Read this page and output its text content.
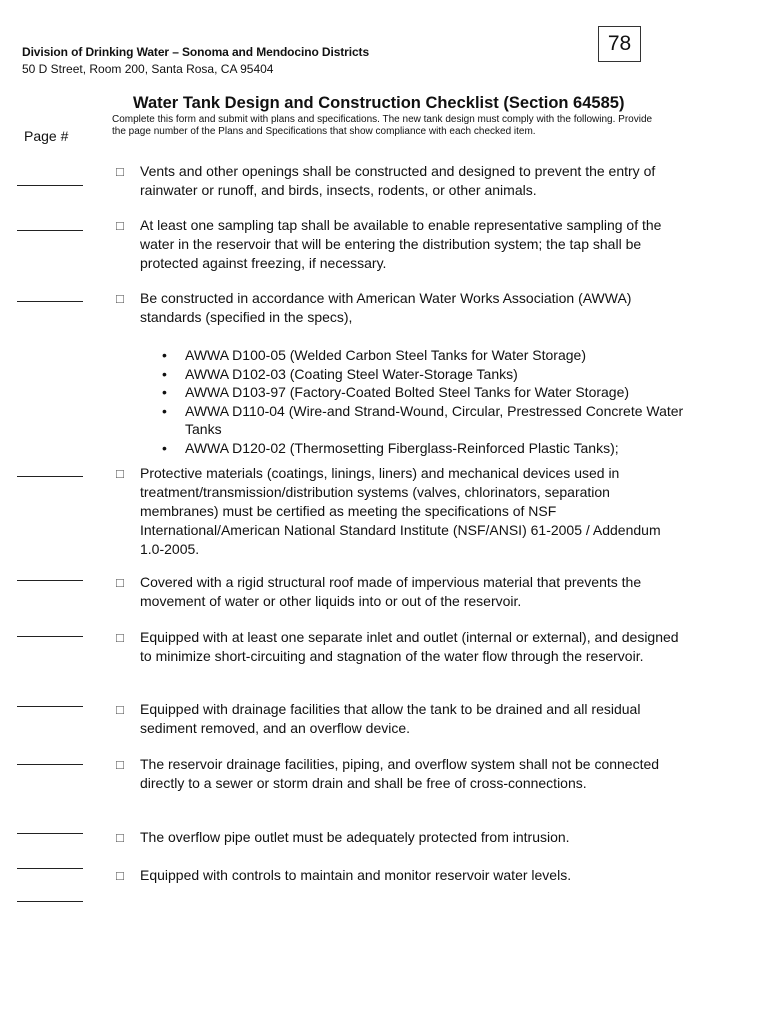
78
Division of Drinking Water – Sonoma and Mendocino Districts
50 D Street, Room 200, Santa Rosa, CA 95404
Water Tank Design and Construction Checklist (Section 64585)
Complete this form and submit with plans and specifications. The new tank design must comply with the following. Provide the page number of the Plans and Specifications that show compliance with each checked item.
Page #
□ Vents and other openings shall be constructed and designed to prevent the entry of rainwater or runoff, and birds, insects, rodents, or other animals.
□ At least one sampling tap shall be available to enable representative sampling of the water in the reservoir that will be entering the distribution system; the tap shall be protected against freezing, if necessary.
□ Be constructed in accordance with American Water Works Association (AWWA) standards (specified in the specs),
• AWWA D100-05 (Welded Carbon Steel Tanks for Water Storage)
• AWWA D102-03 (Coating Steel Water-Storage Tanks)
• AWWA D103-97 (Factory-Coated Bolted Steel Tanks for Water Storage)
• AWWA D110-04 (Wire-and Strand-Wound, Circular, Prestressed Concrete Water Tanks
• AWWA D120-02 (Thermosetting Fiberglass-Reinforced Plastic Tanks);
□ Protective materials (coatings, linings, liners) and mechanical devices used in treatment/transmission/distribution systems (valves, chlorinators, separation membranes) must be certified as meeting the specifications of NSF International/American National Standard Institute (NSF/ANSI) 61-2005 / Addendum 1.0-2005.
□ Covered with a rigid structural roof made of impervious material that prevents the movement of water or other liquids into or out of the reservoir.
□ Equipped with at least one separate inlet and outlet (internal or external), and designed to minimize short-circuiting and stagnation of the water flow through the reservoir.
□ Equipped with drainage facilities that allow the tank to be drained and all residual sediment removed, and an overflow device.
□ The reservoir drainage facilities, piping, and overflow system shall not be connected directly to a sewer or storm drain and shall be free of cross-connections.
□ The overflow pipe outlet must be adequately protected from intrusion.
□ Equipped with controls to maintain and monitor reservoir water levels.
